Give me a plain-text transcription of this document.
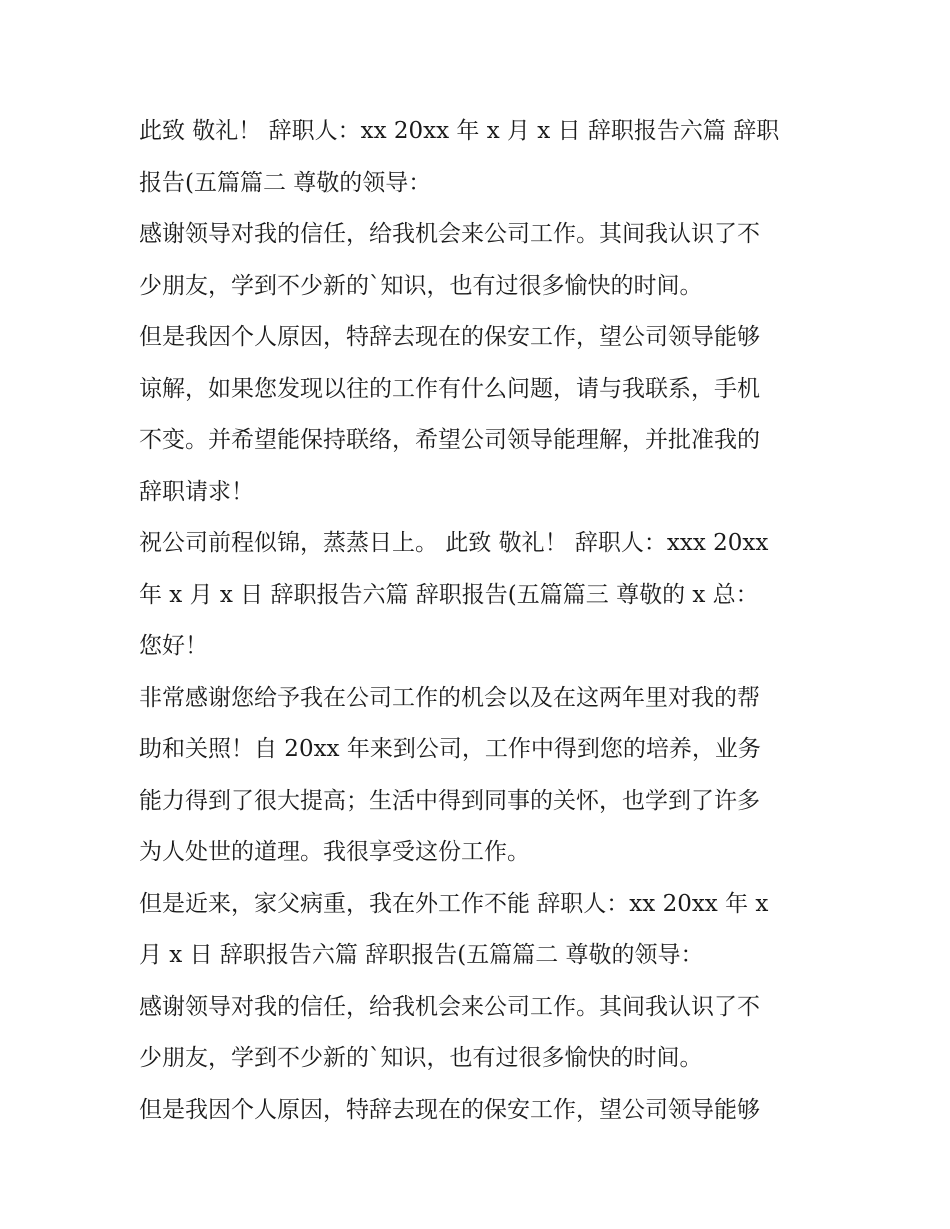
此致 敬礼！ 辞职人：xx 20xx 年 x 月 x 日 辞职报告六篇 辞职
报告(五篇篇二 尊敬的领导：
感谢领导对我的信任，给我机会来公司工作。其间我认识了不
少朋友，学到不少新的`知识，也有过很多愉快的时间。
但是我因个人原因，特辞去现在的保安工作，望公司领导能够
谅解，如果您发现以往的工作有什么问题，请与我联系，手机
不变。并希望能保持联络，希望公司领导能理解，并批准我的
辞职请求！
祝公司前程似锦，蒸蒸日上。 此致 敬礼！ 辞职人：xxx 20xx
年 x 月 x 日 辞职报告六篇 辞职报告(五篇篇三 尊敬的 x 总：
您好！
非常感谢您给予我在公司工作的机会以及在这两年里对我的帮
助和关照！自 20xx 年来到公司，工作中得到您的培养，业务
能力得到了很大提高；生活中得到同事的关怀，也学到了许多
为人处世的道理。我很享受这份工作。
但是近来，家父病重，我在外工作不能 辞职人：xx 20xx 年 x
月 x 日 辞职报告六篇 辞职报告(五篇篇二 尊敬的领导：
感谢领导对我的信任，给我机会来公司工作。其间我认识了不
少朋友，学到不少新的`知识，也有过很多愉快的时间。
但是我因个人原因，特辞去现在的保安工作，望公司领导能够
